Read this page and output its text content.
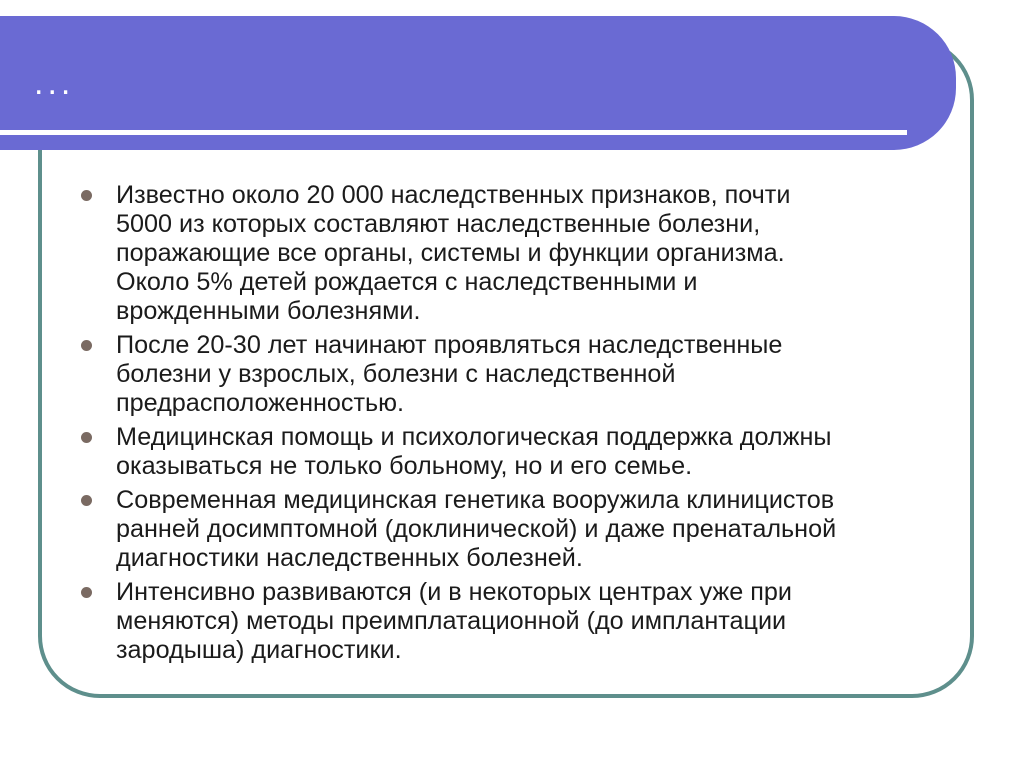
...
Известно около 20 000 наследственных признаков, почти
5000 из которых составляют наследственные болезни,
поражающие все органы, системы и функции организма.
Около 5% детей рождается с наследственными и
врожденными болезнями.
После 20-30 лет начинают проявляться наследственные
болезни у взрослых, болезни с наследственной
предрасположенностью.
Медицинская помощь и психологическая поддержка должны
оказываться не только больному, но и его семье.
Современная медицинская генетика вооружила клиницистов
ранней досимптомной (доклинической) и даже пренатальной
диагностики наследственных болезней.
Интенсивно развиваются (и в некоторых центрах уже при
меняются) методы преимплатационной (до имплантации
зародыша) диагностики.
